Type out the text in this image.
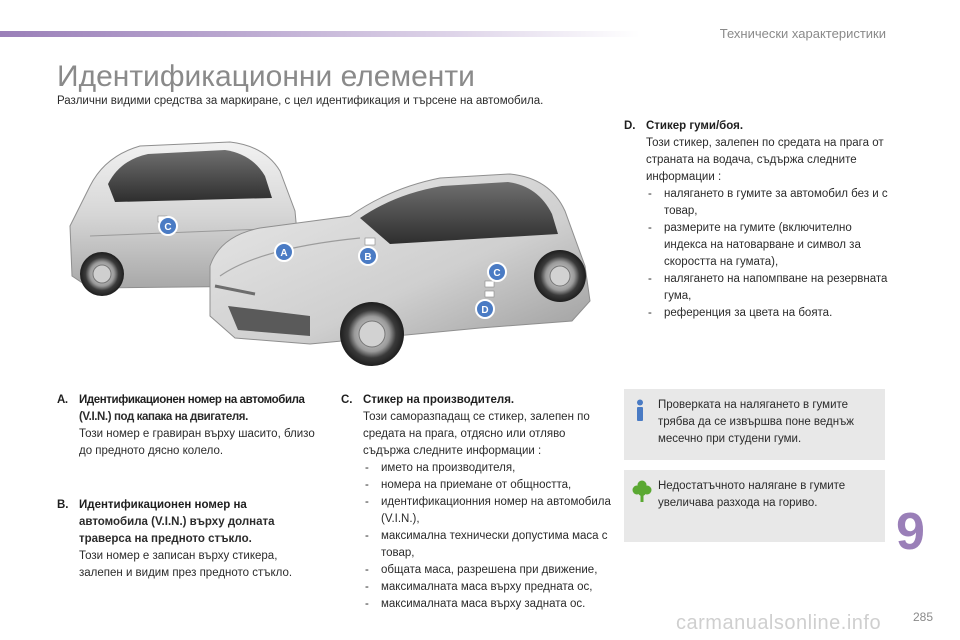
Технически характеристики
Идентификационни елементи
Различни видими средства за маркиране, с цел идентификация и търсене на автомобила.
A	B
C
C
D

A. Идентификационен номер на автомобила

(V.I.N.) под капака на двигателя.

Този номер е гравиран върху шасито, близо до предното дясно колело.

B. Идентификационен номер на

автомобила (V.I.N.) върху долната

траверса на предното стъкло.

Този номер е записан върху стикера, залепен и видим през предното стъкло.

C. Стикер на производителя.

Този саморазпадащ се стикер, залепен по средата на прага, отдясно или отляво съдържа следните информации :

- името на производителя,
- номера на приемане от общността,
- идентификационния номер на автомобила (V.I.N.),
- максимална технически допустима маса с товар,
- общата маса, разрешена при движение,
- максималната маса върху предната ос,
- максималната маса върху задната ос.

D. Стикер гуми/боя.

Този стикер, залепен по средата на прага от страната на водача, съдържа следните информации :

- налягането в гумите за автомобил без и с товар,
- размерите на гумите (включително индекса на натоварване и символ за скоростта на гумата),
- налягането на напомпване на резервната гума,
- референция за цвета на боята.
Проверката на налягането в гумите трябва да се извършва поне веднъж месечно при студени гуми.
Недостатъчното налягане в гумите увеличава разхода на гориво.	9
carmanualsonline.info	285
